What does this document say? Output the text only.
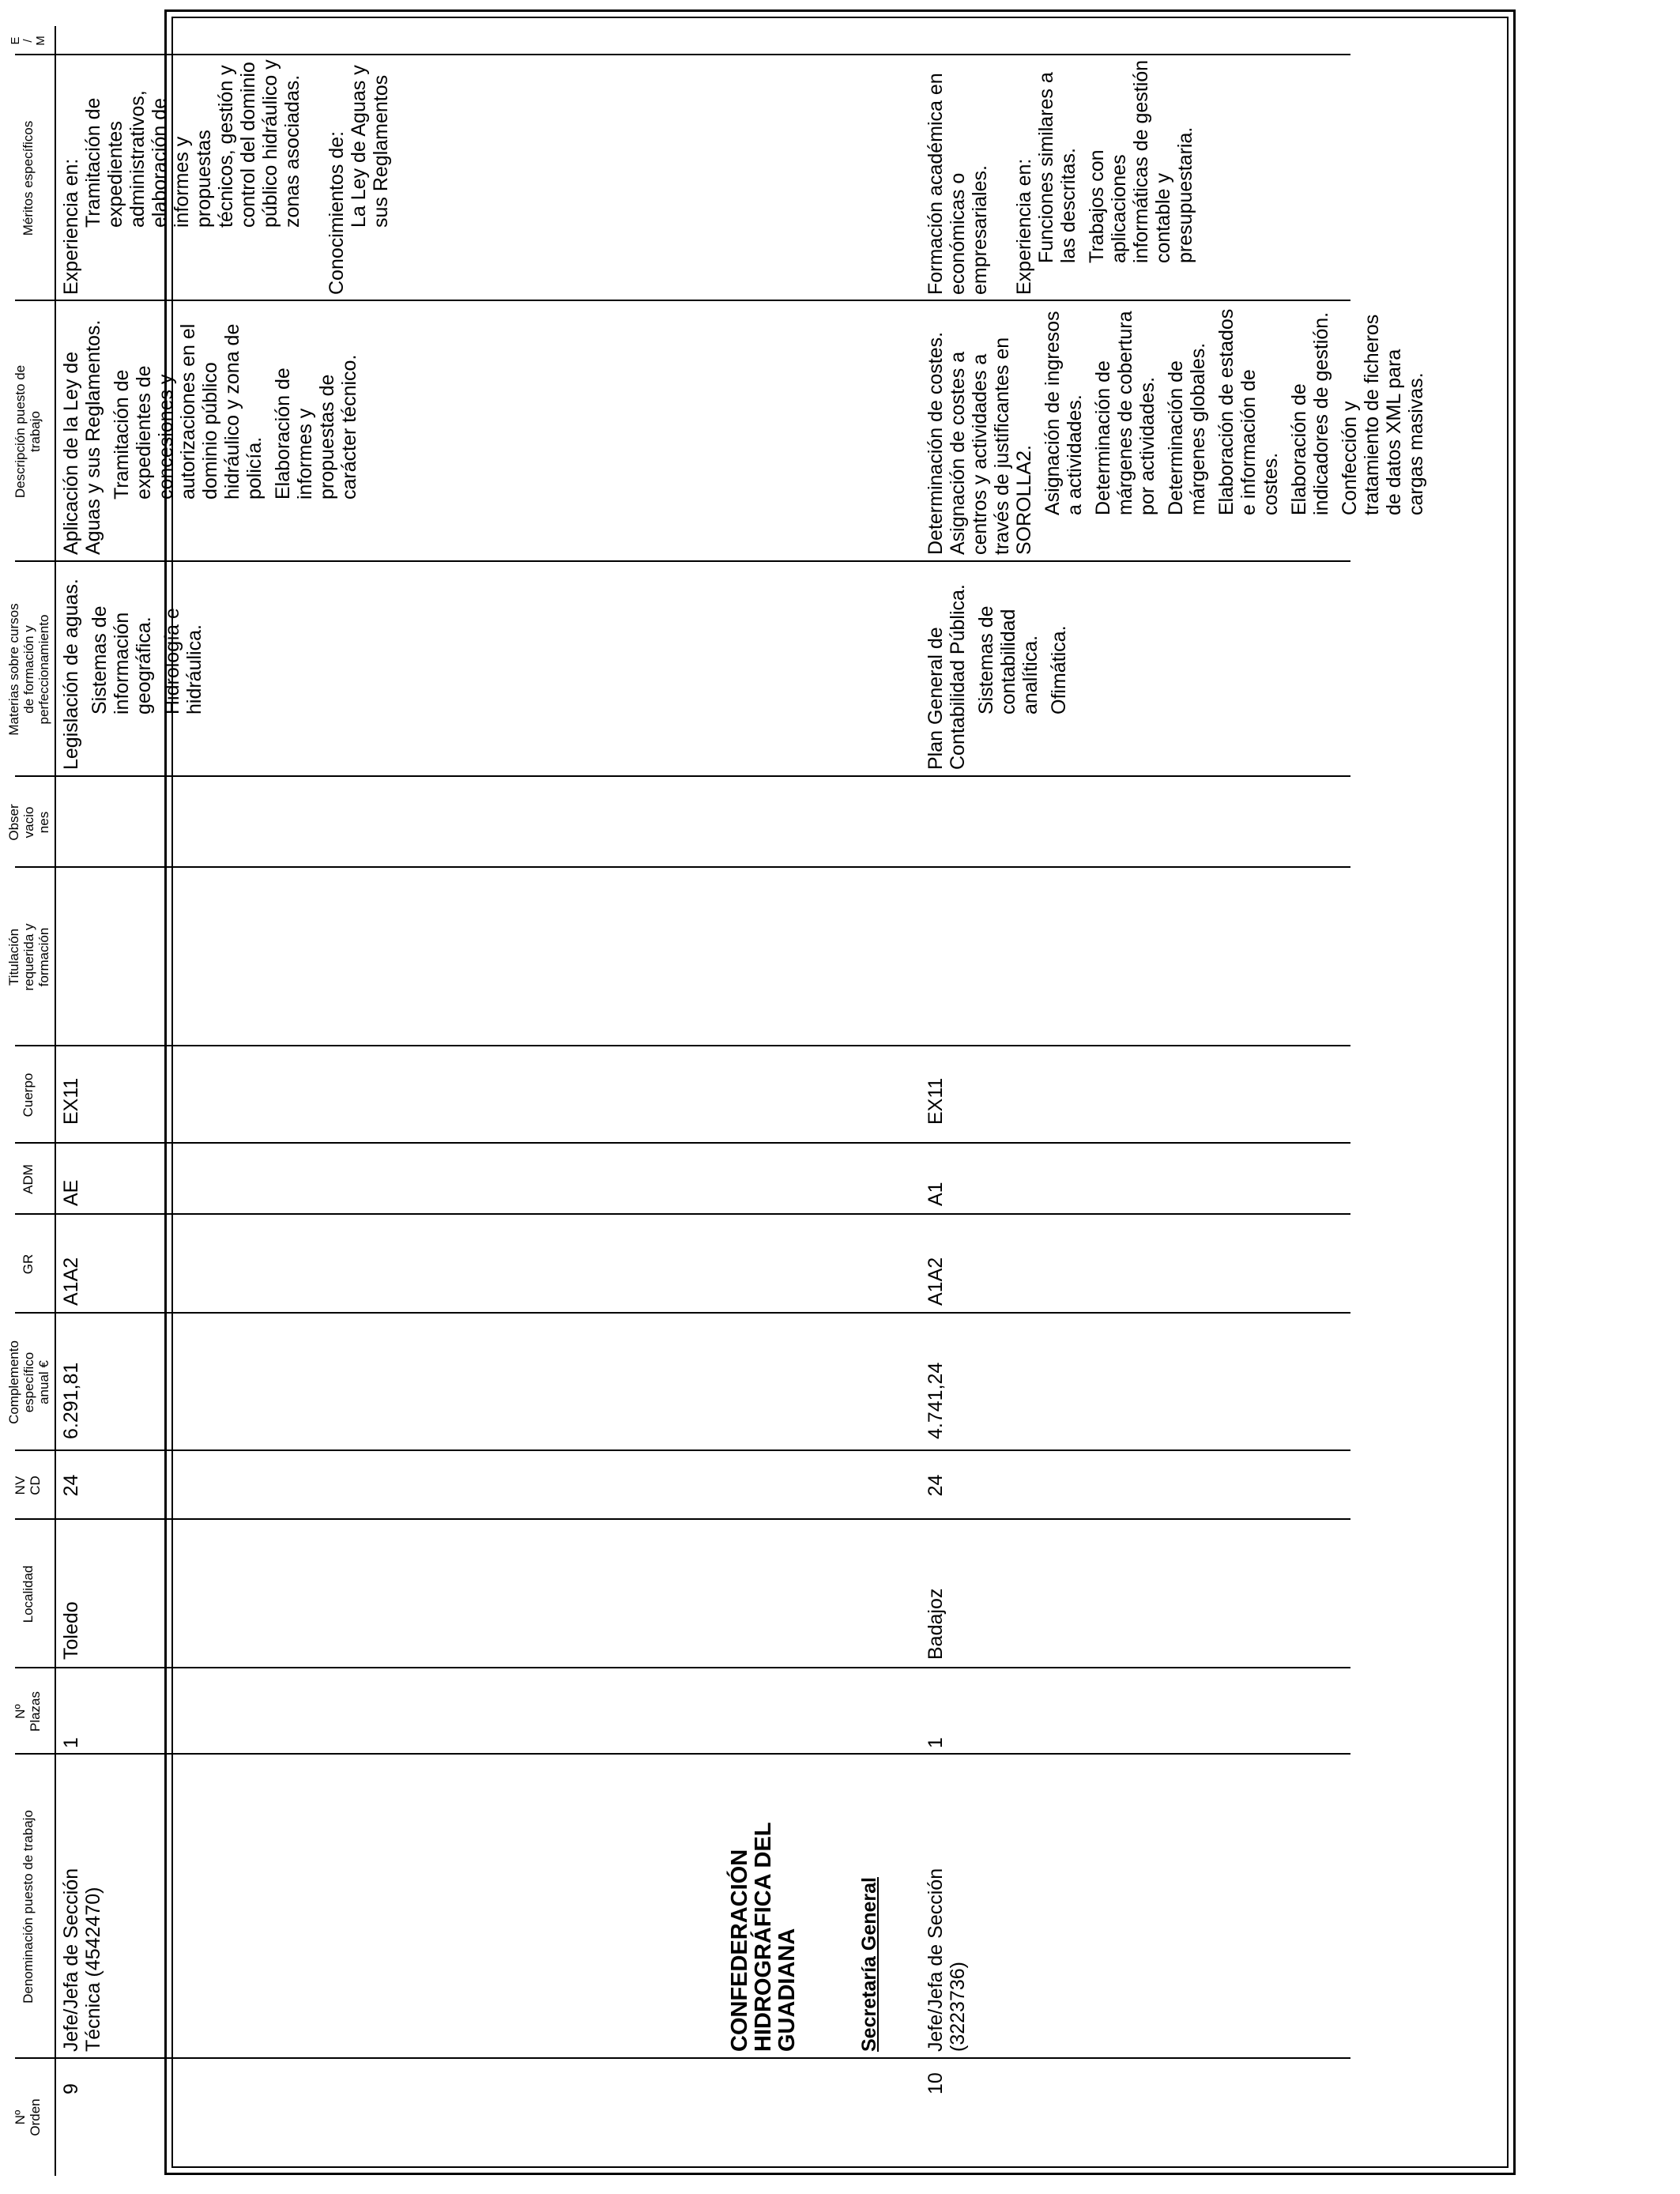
Nº
Orden
Denominación puesto de trabajo
Nº
Plazas
Localidad
NV
CD
Complemento
específico
anual €
GR
ADM
Cuerpo
Titulación
requerida y
formación
Obser
vacio
nes
Materias sobre cursos
de formación y
perfeccionamiento
Descripción puesto de
trabajo
Méritos específicos
E
/
M
9
Jefe/Jefa de Sección
Técnica (4542470)
1
Toledo
24
6.291,81
A1A2
AE
EX11
Legislación de aguas. Sistemas de información geográfica. Hidrología e hidráulica.
Aplicación de la Ley de Aguas y sus Reglamentos. Tramitación de expedientes de concesiones y autorizaciones en el dominio público hidráulico y zona de policía. Elaboración de informes y propuestas de carácter técnico.
Experiencia en: Tramitación de expedientes administrativos, elaboración de informes y propuestas técnicos, gestión y control del dominio público hidráulico y zonas asociadas. Conocimientos de: La Ley de Aguas y sus Reglamentos
CONFEDERACIÓN
HIDROGRÁFICA DEL
GUADIANA	Secretaría General
10
Jefe/Jefa de Sección
(3223736)
1
Badajoz
24
4.741,24
A1A2
A1
EX11
Plan General de Contabilidad Pública. Sistemas de contabilidad analítica. Ofimática.
Determinación de costes. Asignación de costes a centros y actividades a través de justificantes en SOROLLA2. Asignación de ingresos a actividades. Determinación de márgenes de cobertura por actividades. Determinación de márgenes globales. Elaboración de estados e información de costes. Elaboración de indicadores de gestión. Confección y tratamiento de ficheros de datos XML para cargas masivas.
Formación académica en económicas o empresariales. Experiencia en: Funciones similares a las descritas. Trabajos con aplicaciones informáticas de gestión contable y presupuestaria.
